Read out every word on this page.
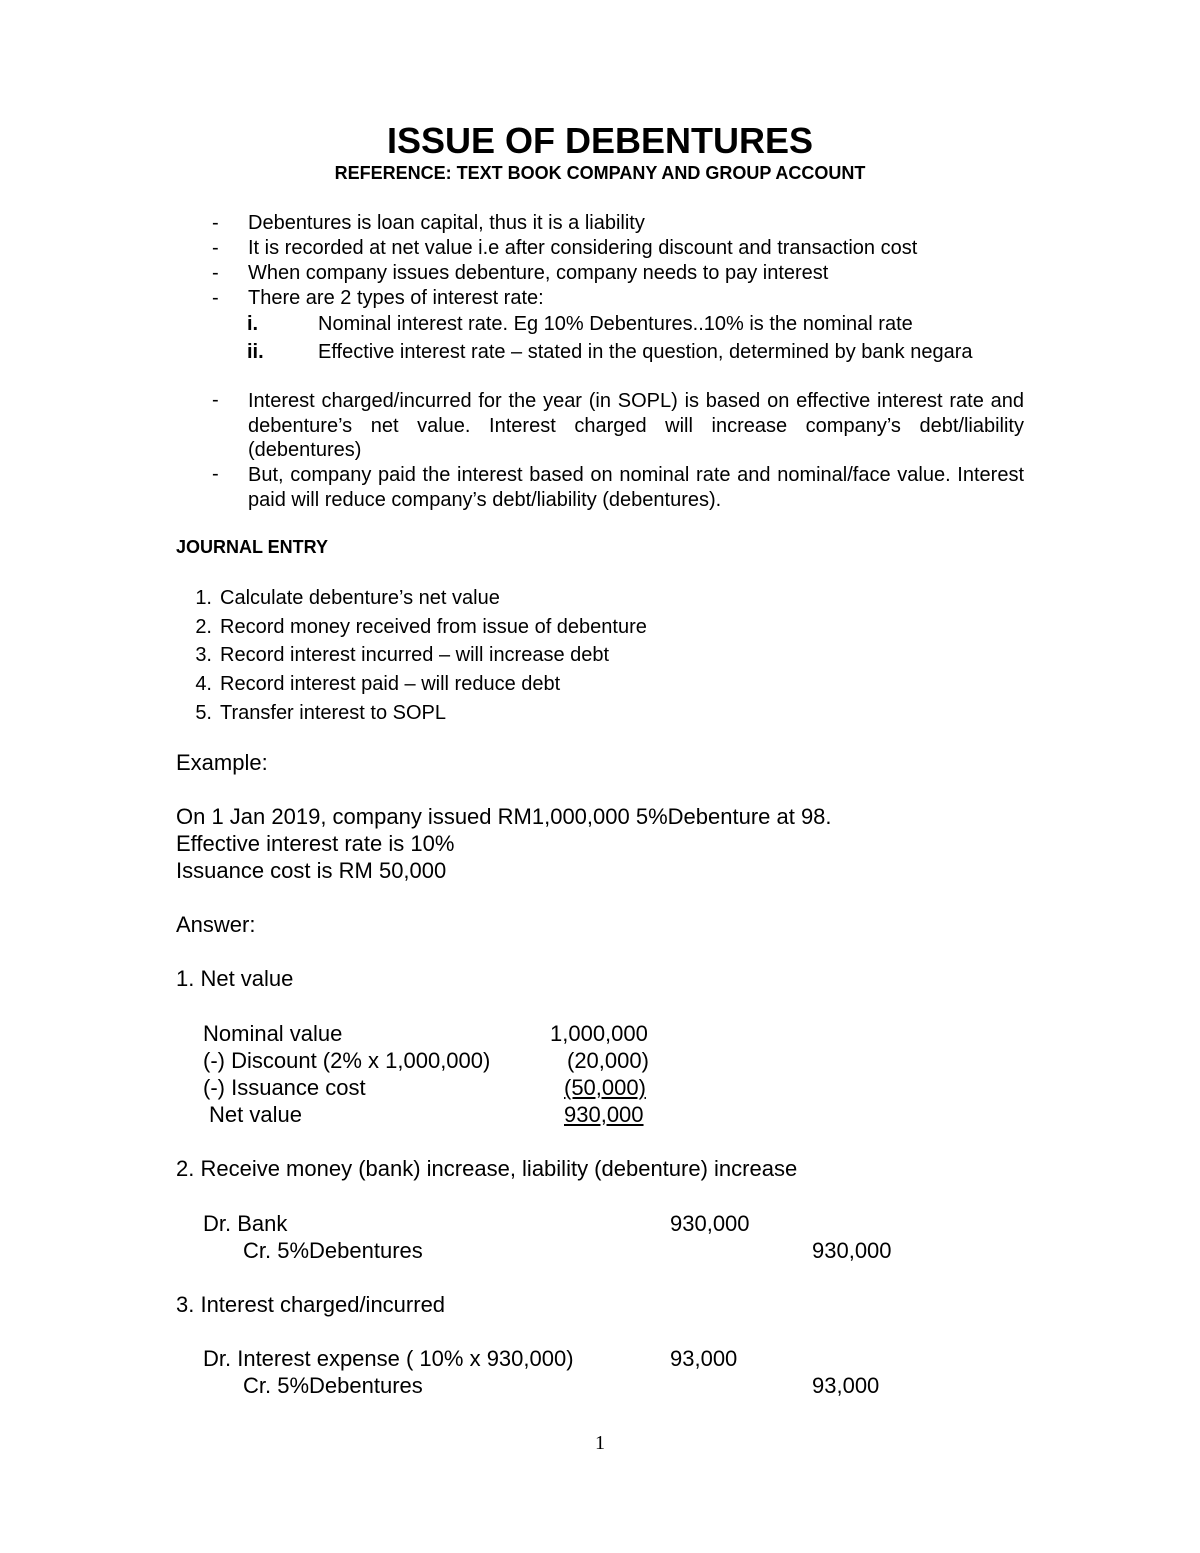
ISSUE OF DEBENTURES
REFERENCE: TEXT BOOK COMPANY AND GROUP ACCOUNT
- Debentures is loan capital, thus it is a liability
- It is recorded at net value i.e after considering discount and transaction cost
- When company issues debenture, company needs to pay interest
- There are 2 types of interest rate:
i.	Nominal interest rate. Eg 10% Debentures..10% is the nominal rate
ii.	Effective interest rate – stated in the question, determined by bank negara
- Interest charged/incurred for the year (in SOPL) is based on effective interest rate and debenture’s net value. Interest charged will increase company’s debt/liability (debentures)
- But, company paid the interest based on nominal rate and nominal/face value. Interest paid will reduce company’s debt/liability (debentures).
JOURNAL ENTRY
1. Calculate debenture’s net value
2. Record money received from issue of debenture
3. Record interest incurred – will increase debt
4. Record interest paid – will reduce debt
5. Transfer interest to SOPL
Example:
On 1 Jan 2019, company issued RM1,000,000 5%Debenture at 98.
Effective interest rate is 10%
Issuance cost is RM 50,000
Answer:
1. Net value
Nominal value	1,000,000
(-) Discount (2% x 1,000,000)	(20,000)
(-) Issuance cost	(50,000)
Net value	930,000
2. Receive money (bank) increase, liability (debenture) increase
Dr. Bank	930,000
Cr. 5%Debentures	930,000
3. Interest charged/incurred
Dr. Interest expense ( 10% x 930,000)	93,000
Cr. 5%Debentures	93,000
1
